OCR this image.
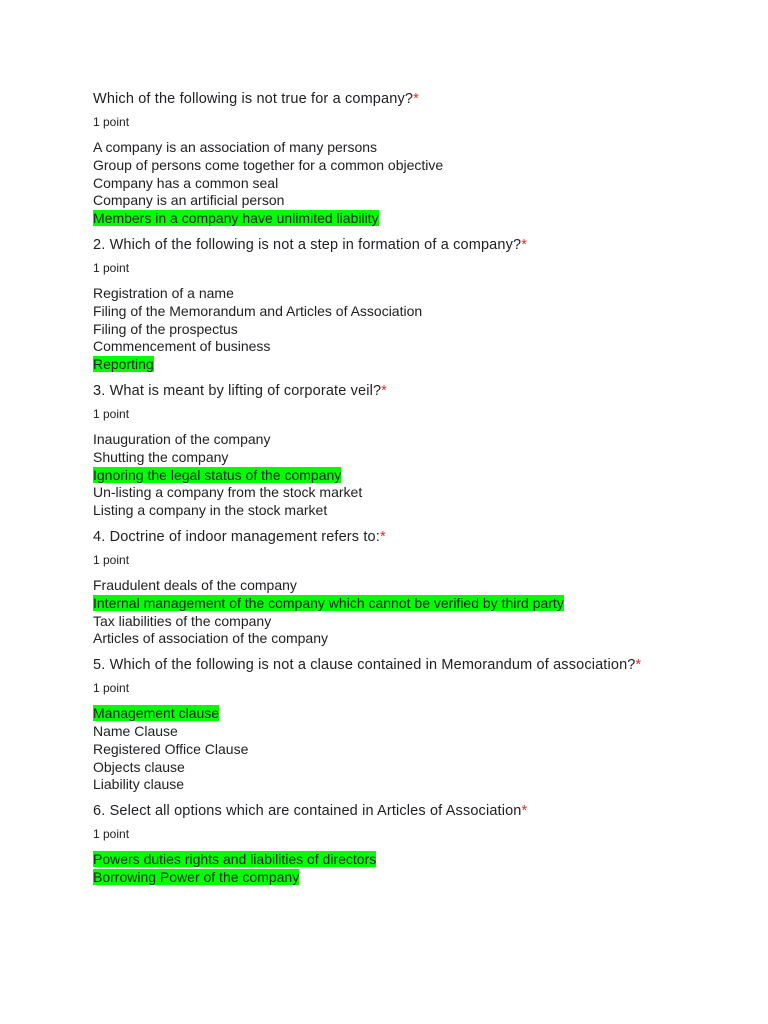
Which of the following is not true for a company?*
1 point
A company is an association of many persons
Group of persons come together for a common objective
Company has a common seal
Company is an artificial person
Members in a company have unlimited liability
2. Which of the following is not a step in formation of a company?*
1 point
Registration of a name
Filing of the Memorandum and Articles of Association
Filing of the prospectus
Commencement of business
Reporting
3. What is meant by lifting of corporate veil?*
1 point
Inauguration of the company
Shutting the company
Ignoring the legal status of the company
Un-listing a company from the stock market
Listing a company in the stock market
4. Doctrine of indoor management refers to:*
1 point
Fraudulent deals of the company
Internal management of the company which cannot be verified by third party
Tax liabilities of the company
Articles of association of the company
5. Which of the following is not a clause contained in Memorandum of association?*
1 point
Management clause
Name Clause
Registered Office Clause
Objects clause
Liability clause
6. Select all options which are contained in Articles of Association*
1 point
Powers duties rights and liabilities of directors
Borrowing Power of the company
